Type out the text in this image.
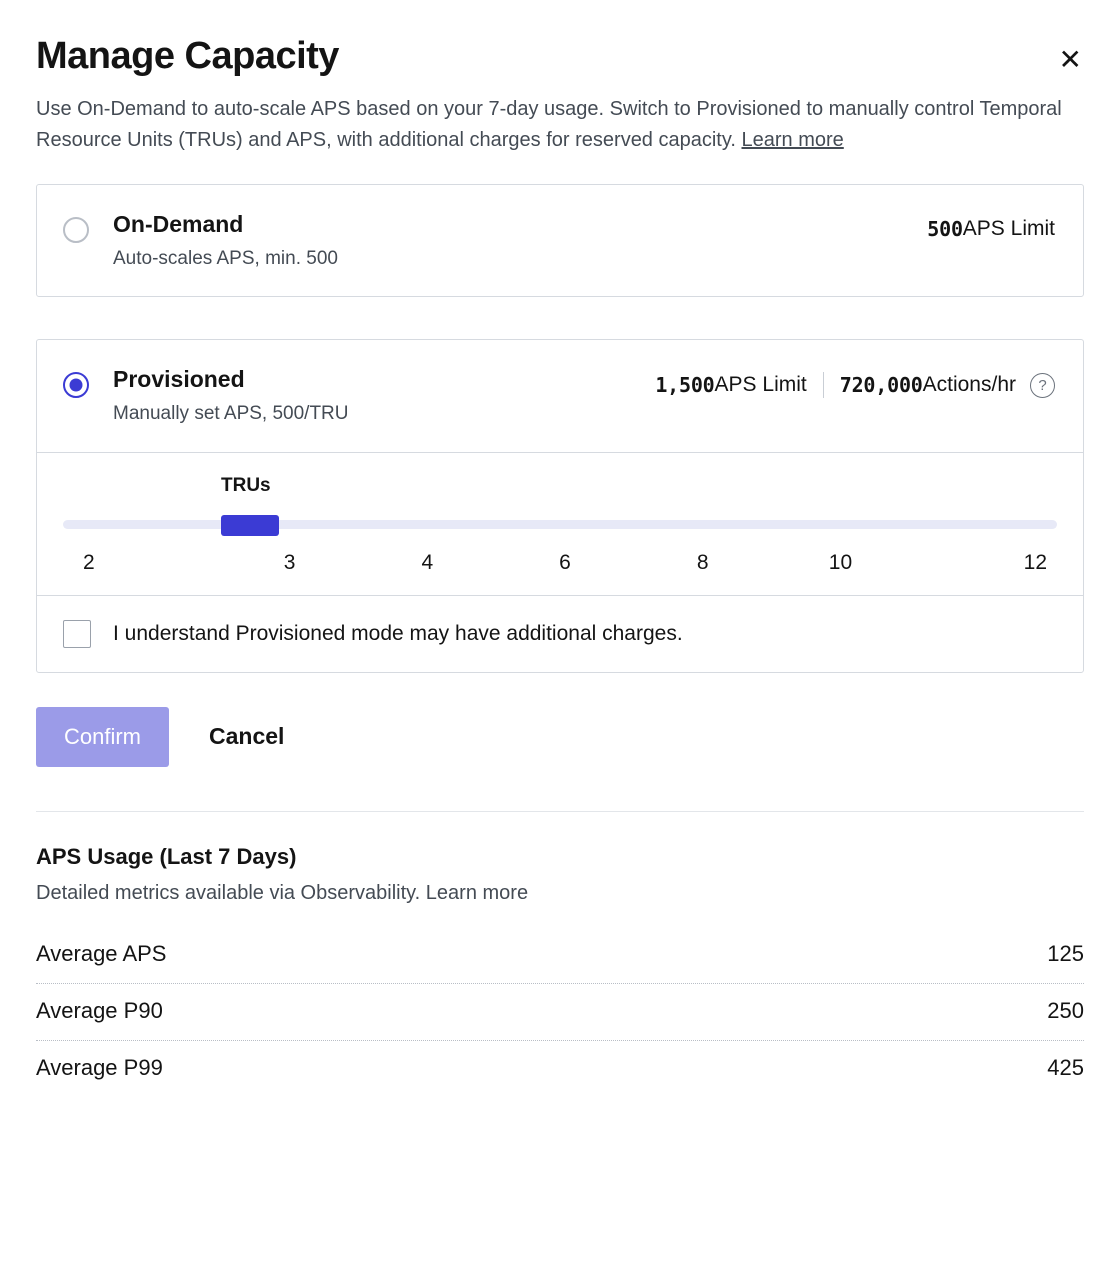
Manage Capacity	✕

Use On-Demand to auto-scale APS based on your 7-day usage. Switch to Provisioned to manually control Temporal Resource Units (TRUs) and APS, with additional charges for reserved capacity. Learn more

On-Demand
Auto-scales APS, min. 500
500 APS Limit
Provisioned
Manually set APS, 500/TRU
1,500 APS Limit 720,000 Actions/hr	?
TRUs
2	3	4	6	8	10	12
I understand Provisioned mode may have additional charges.
Confirm	Cancel
APS Usage (Last 7 Days)
Detailed metrics available via Observability. Learn more
Average APS	125
Average P90	250
Average P99	425
